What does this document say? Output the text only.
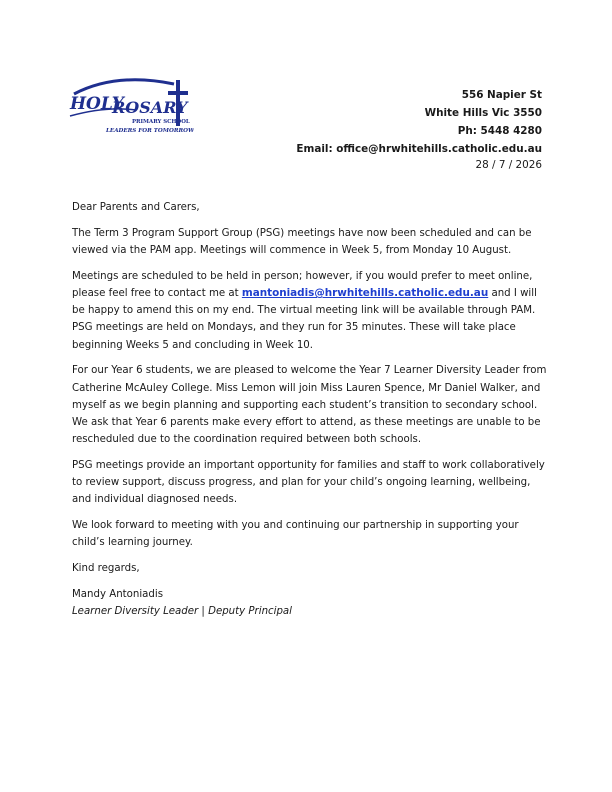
HOLY
ROSARY
PRIMARY SCHOOL
LEADERS FOR TOMORROW
556 Napier St
White Hills Vic 3550
Ph: 5448 4280
Email: office@hrwhitehills.catholic.edu.au
28 / 7 / 2026

Dear Parents and Carers,

The Term 3 Program Support Group (PSG) meetings have now been scheduled and can be viewed via the PAM app. Meetings will commence in Week 5, from Monday 10 August.

Meetings are scheduled to be held in person; however, if you would prefer to meet online, please feel free to contact me at mantoniadis@hrwhitehills.catholic.edu.au and I will be happy to amend this on my end. The virtual meeting link will be available through PAM. PSG meetings are held on Mondays, and they run for 35 minutes. These will take place beginning Weeks 5 and concluding in Week 10.

For our Year 6 students, we are pleased to welcome the Year 7 Learner Diversity Leader from Catherine McAuley College. Miss Lemon will join Miss Lauren Spence, Mr Daniel Walker, and myself as we begin planning and supporting each student’s transition to secondary school. We ask that Year 6 parents make every effort to attend, as these meetings are unable to be rescheduled due to the coordination required between both schools.

PSG meetings provide an important opportunity for families and staff to work collaboratively to review support, discuss progress, and plan for your child’s ongoing learning, wellbeing, and individual diagnosed needs.

We look forward to meeting with you and continuing our partnership in supporting your child’s learning journey.

Kind regards,

Mandy Antoniadis
Learner Diversity Leader | Deputy Principal
